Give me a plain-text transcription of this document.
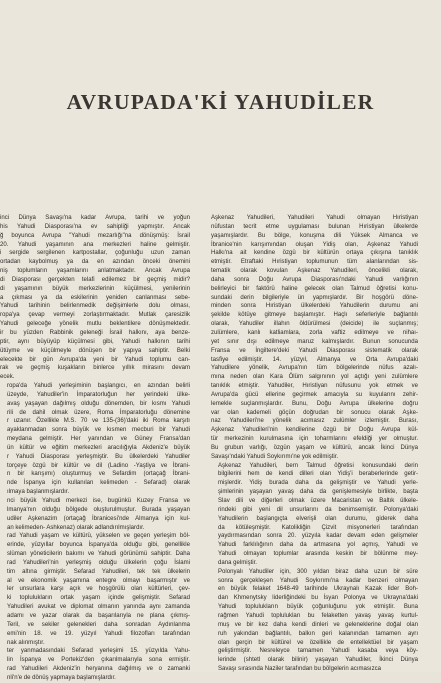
AVRUPADA'Kİ YAHUDİLER

inci Dünya Savaşı'na kadar Avrupa, tarihi ve yoğun
his Yahudi Diasporası'na ev sahipliği yapmıştır. Ancak
ğ boyunca Avrupa "Yahudi mezarlığı"na dönüşmüş: İsrail
20. Yahudi yaşamının ana merkezleri haline gelmiştir.
i sergide sergilenen kartpostallar, çoğunluğu uzun zaman
ortadan kaybolmuş ya da en azından önceki önemini
niş toplumların yaşamlarını anlatmaktadır. Ancak Avrupa
di Diasporası gerçekten telafi edilemez bir geçmiş midir?
di yaşamının büyük merkezlerinin küçülmesi, yenilerinin
a çıkması ya da eskilerinin yeniden canlanması sebe-
Yahudi tarihinin belirlenmedik değişimlerle dolu olması,
ropa'ya çevap vermeyi zorlaştırmaktadır. Mutlak çaresizlik
Yahudi geleceğe yönelik mutlu beklentilere dönüşmektedir.
ir bu yüzden Rabbinik geleneği İsrail halkını, aya benze-
ptir, aynı büyüyüp küçülmesi gibi, Yahudi halkının tarihi
ütüyme ve küçülmeyle dönüşen bir yapıya sahiptir. Belki
elecekte bir gün Avrupa'da yeni bir Yahudi toplumu can-
rak ve geçmiş kuşakların binlerce yıllık mirasını devam
ecek.

ropa'da Yahudi yerleşiminin başlangıcı, en azından belirli
üzeyde, Yahudiler'in İmparatorluğun her yerindeki ülke-
avaş yaşayan dağılmış olduğu dönemden, bir kısmı Yahudi
rili de dahil olmak üzere, Roma İmparatorluğu dönemine
r uzanır. Özellikle M.S. 70 ve 135-(36)'daki iki Roma karşıtı
ayaklanmadan sonra büyük ve kısmen mecburi bir Yahudi
meydana gelmiştir. Her yanından ve Güney Fransa'dan
ün kültür ve eğitim merkezleri aracılığıyla Akdeniz'e büyük
r Yahudi Diasporası yerleşmiştir. Bu ülkelerdeki Yahudiler
torçeye özgü bir kültür ve dil (Ladino -Yaştiya ve İbrani-
n bir karışımı) oluşturmuş ve Sefardim (ortaçağ İbrani-
nde İspanya için kullanılan kelimeden - Sefarad) olarak
ılmaya başlanmışlardır.

nci büyük Yahudi merkezi ise, bugünkü Kuzey Fransa ve
lmanya'nın olduğu bölgede oluşturulmuştur. Burada yaşayan
udiler Aşkenazim (ortaçağ İbranicesi'nde Almanya için kul-
an kelimeden- Ashkenaz) olarak adlandırılmışlardır.

rad Yahudi yaşam ve kültürü, yükselen ve geçen yerleşim böl-
erinde, yüzyıllar boyunca İspanya'da olduğu gibi, genellikle
slüman yöneticilerin bakımı ve Yahudi görünümü sahiptir. Daha
rad Yahudileri'nin yerleşmiş olduğu ülkelerin çoğu İslami
tim altına girmiştir. Sefarad Yahudileri, tek tek ülkelerin
al ve ekonomik yaşamına entegre olmayı başarmıştır ve
ler unsurlara karşı açık ve hoşgörülü olan kültürleri, çev-
ki toplulukların ortak yaşam içinde gelişmiştir. Sefarad
Yahudileri avukat ve diplomat olmanın yanında aynı zamanda
adamı ve yazar olarak da başarılarıyla ne plana çıkmış-
Teril, ve sekiler gelenekleri daha sonradan Aydınlanma
emi'nin 18. ve 19. yüzyıl Yahudi filozofları tarafından
nak alınmıştır.

ter yanmadasındaki Sefarad yerleşimi 15. yüzyılda Yahu-
lin İspanya ve Portekiz'den çıkarılmalarıyla sona ermiştir.
rad Yahudileri Akdeniz'in heryanına dağılmış ve o zamanki
nli'n'e de dönüş yapmaya başlamışlardır.

Aşkenaz Yahudileri, Yahudileri Yahudi olmayan Hıristiyan
nüfustan tecrit etme uygulaması bulunan Hıristiyan ülkelerde
yaşamışlardır. Bu bölge, konuşma dili Yüksek Almanca ve
İbranice'nin karışımından oluşan Yidiş olan, Aşkenaz Yahudi
Halkı'na ait kendine özgü bir kültürün ortaya çıkışına tanıklık
etmiştir. Etraftaki Hıristiyan toplumunun tüm alanlarından sis-
tematik olarak kovulan Aşkenaz Yahudileri, öncelikli olarak,
daha sonra Doğu Avrupa Diasporası'ndaki Yahudi varlığının
belirleyici bir faktörü haline gelecek olan Talmud öğretisi konu-
sundaki derin bilgileriyle ün yapmışlardır. Bir hoşgörü döne-
minden sonra Hıristiyan ülkelerdeki Yahudilerin durumu ani
şekilde kötüye gitmeye başlamıştır. Haçlı seferleriyle bağlantılı
olarak, Yahudiler illahın öldürülmesi (deicide) ile suçlanmış;
zulümlere, kanlı katliamlara, zorla vaftiz edilmeye ve nihaı-
yet sınır dışı edilmeye maruz kalmışlardır. Bunun sonucunda
Fransa ve İngiltere'deki Yahudi Diasporası sistematik olarak
tasfiye edilmiştir. 14. yüzyıl, Almanya ve Orta Avrupa'daki
Yahudilere yönelik, Avrupa'nın tüm bölgelerinde nüfus azalı-
mına neden olan Kara Ölüm salgınının yol açtığı yeni zulümlere
tanıklık etmiştir. Yahudiler, Hıristiyan nüfusunu yok etmek ve
Avrupa'da gücü ellerine geçirmek amacıyla su kuyularını zehir-
lemekle suçlanmışlardır. Bunu, Doğu Avrupa ülkelerine doğru
var olan kademeli göçün doğrudan bir sonucu olarak Aşke-
naz Yahudileri'ne yönelik acımasız zulümler izlemiştir. Burası,
Aşkenaz Yahudileri'nin kendilerine özgü bir Doğu Avrupa kül-
tür merkezinin kurulmasına için toharmlarını efeldiği yer olmuştur.
Bu grubun varlığı, özgün yaşam ve kültürü, ancak İkinci Dünya
Savaşı'ndaki Yahudi Soykırımı'ne yok edilmiştir.

Aşkenaz Yahudileri, bern Talmud öğretisi konusundaki derin
bilgilerini hem de kendi dilleri olan Yidiş'i beraberlerinde getir-
mişlerdir. Yidiş burada daha da gelişmiştir ve Yahudi yerle-
şimlerinin yaşayan yavaş daha da genişlemesiyle birlikte, başta
Slav dili ve diğerleri olmak üzere Macaristan ve Baltık ülkele-
rindeki gibi yeni dil unsurlarını da benimsemiştir. Polonya'daki
Yahudilerin başlangıçta elverişli olan durumu, giderek daha
da kötüleşmiştir. Katolikliğin Çizvit misyonerleri tarafından
yaydırmasından sonra 20. yüzyıla kadar devam eden gelişmeler
Yahudi farklılığının daha da artmasına yol açmış, Yahudi ve
Yahudi olmayan toplumlar arasında keskin bir bölünme mey-
dana gelmiştir.

Polonyalı Yahudiler için, 300 yıldan biraz daha uzun bir süre
sonra gerçekleşen Yahudi Soykırımı'na kadar benzeri olmayan
en büyük felaket 1648-49 tarihinde Ukraynalı Kazak lider Boh-
dan Khmenytsky liderliğindeki bu İsyan Polonya ve Ukrayna'daki
Yahudi toplulukların büyük çoğunluğunu yok etmiştir. Buna
rağmen Yahudi toplulukları bu felaketten yavaş yavaş kurtul-
muş ve bir kez daha kendi dinleri ve geleneklerine doğal olan
ruh yakından bağlantılı, balkın geri kalanından tamamen ayrı
olan gerçin bir kültürel ve özellikle de entellektüel bir yaşam
geliştirmiştir. Nesreleyce tamamen Yahudi kasaba veya köy-
lerinde (shtetl olarak bilinir) yaşayan Yahudiler, İkinci Dünya
Savaşı sırasında Naziler tarafından bu bölgelerin acımasızca
